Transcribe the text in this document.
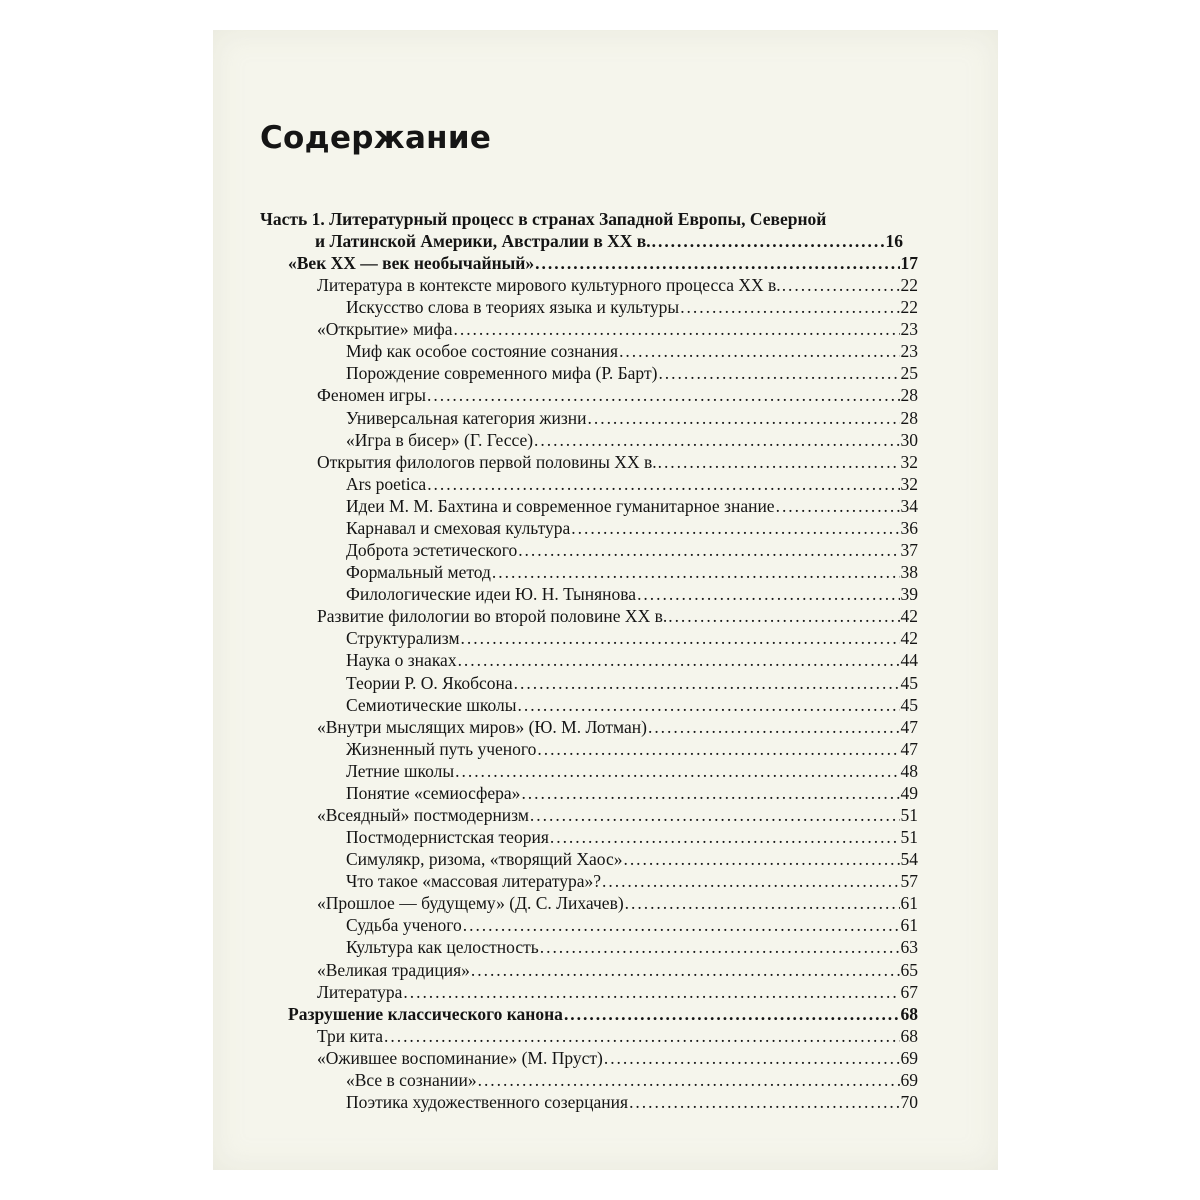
Содержание
Часть 1. Литературный процесс в странах Западной Европы, Северной
и Латинской Америки, Австралии в XX в. . . .	16
«Век XX — век необычайный» . . .	17
Литература в контексте мирового культурного процесса XX в. . . .	22
Искусство слова в теориях языка и культуры . . .	22
«Открытие» мифа . . .	23
Миф как особое состояние сознания . . .	23
Порождение современного мифа (Р. Барт) . . .	25
Феномен игры . . .	28
Универсальная категория жизни . . .	28
«Игра в бисер» (Г. Гессе) . . .	30
Открытия филологов первой половины XX в. . . .	32
Ars poetica . . .	32
Идеи М. М. Бахтина и современное гуманитарное знание . . .	34
Карнавал и смеховая культура . . .	36
Доброта эстетического . . .	37
Формальный метод . . .	38
Филологические идеи Ю. Н. Тынянова . . .	39
Развитие филологии во второй половине XX в. . . .	42
Структурализм . . .	42
Наука о знаках . . .	44
Теории Р. О. Якобсона . . .	45
Семиотические школы . . .	45
«Внутри мыслящих миров» (Ю. М. Лотман) . . .	47
Жизненный путь ученого . . .	47
Летние школы . . .	48
Понятие «семиосфера» . . .	49
«Всеядный» постмодернизм . . .	51
Постмодернистская теория . . .	51
Симулякр, ризома, «творящий Хаос» . . .	54
Что такое «массовая литература»? . . .	57
«Прошлое — будущему» (Д. С. Лихачев) . . .	61
Судьба ученого . . .	61
Культура как целостность . . .	63
«Великая традиция» . . .	65
Литература . . .	67
Разрушение классического канона . . .	68
Три кита . . .	68
«Ожившее воспоминание» (М. Пруст) . . .	69
«Все в сознании» . . .	69
Поэтика художественного созерцания . . .	70
